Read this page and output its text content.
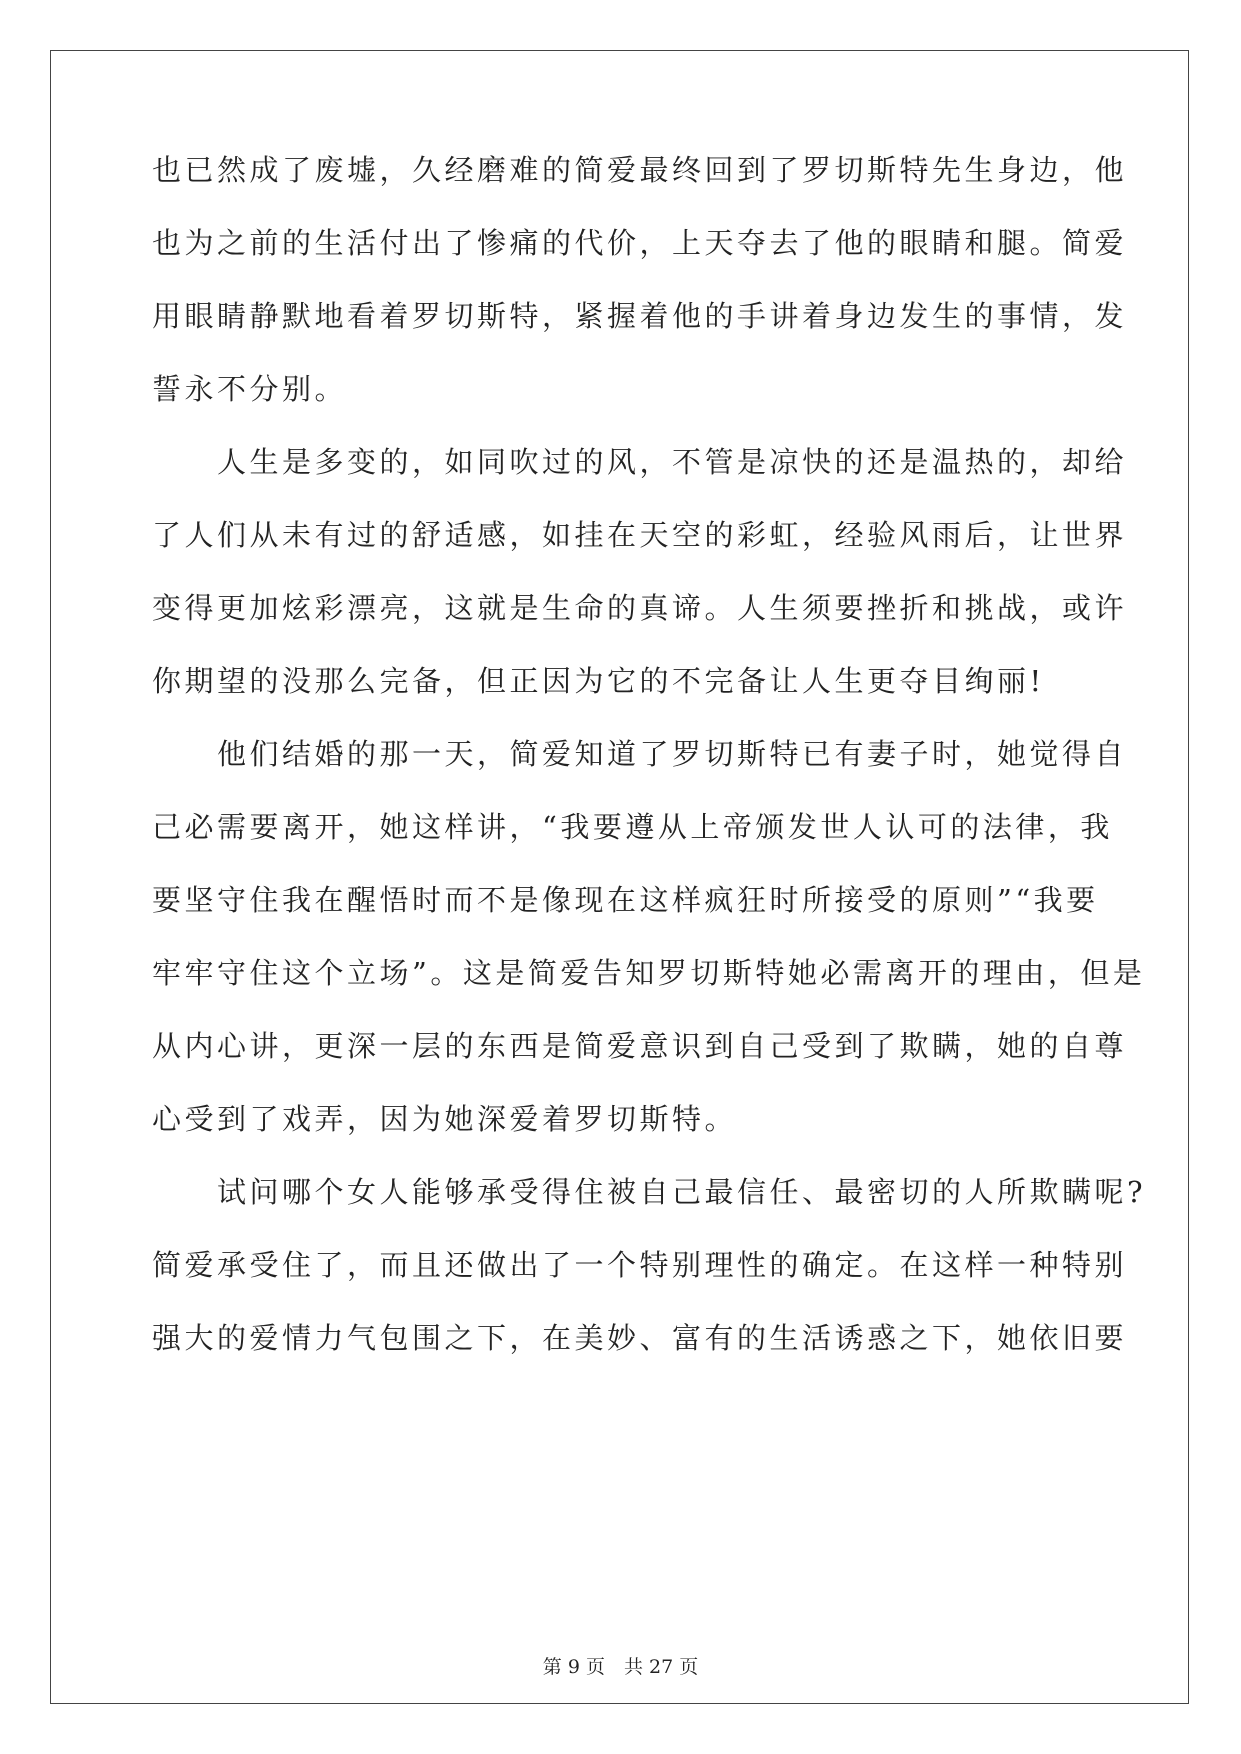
也已然成了废墟，久经磨难的简爱最终回到了罗切斯特先生身边，他
也为之前的生活付出了惨痛的代价，上天夺去了他的眼睛和腿。简爱
用眼睛静默地看着罗切斯特，紧握着他的手讲着身边发生的事情，发
誓永不分别。
　　人生是多变的，如同吹过的风，不管是凉快的还是温热的，却给
了人们从未有过的舒适感，如挂在天空的彩虹，经验风雨后，让世界
变得更加炫彩漂亮，这就是生命的真谛。人生须要挫折和挑战，或许
你期望的没那么完备，但正因为它的不完备让人生更夺目绚丽!
　　他们结婚的那一天，简爱知道了罗切斯特已有妻子时，她觉得自
己必需要离开，她这样讲，“我要遵从上帝颁发世人认可的法律，我
要坚守住我在醒悟时而不是像现在这样疯狂时所接受的原则”“我要
牢牢守住这个立场”。这是简爱告知罗切斯特她必需离开的理由，但是
从内心讲，更深一层的东西是简爱意识到自己受到了欺瞒，她的自尊
心受到了戏弄，因为她深爱着罗切斯特。
　　试问哪个女人能够承受得住被自己最信任、最密切的人所欺瞒呢?
简爱承受住了，而且还做出了一个特别理性的确定。在这样一种特别
强大的爱情力气包围之下，在美妙、富有的生活诱惑之下，她依旧要
第 9 页　共 27 页
